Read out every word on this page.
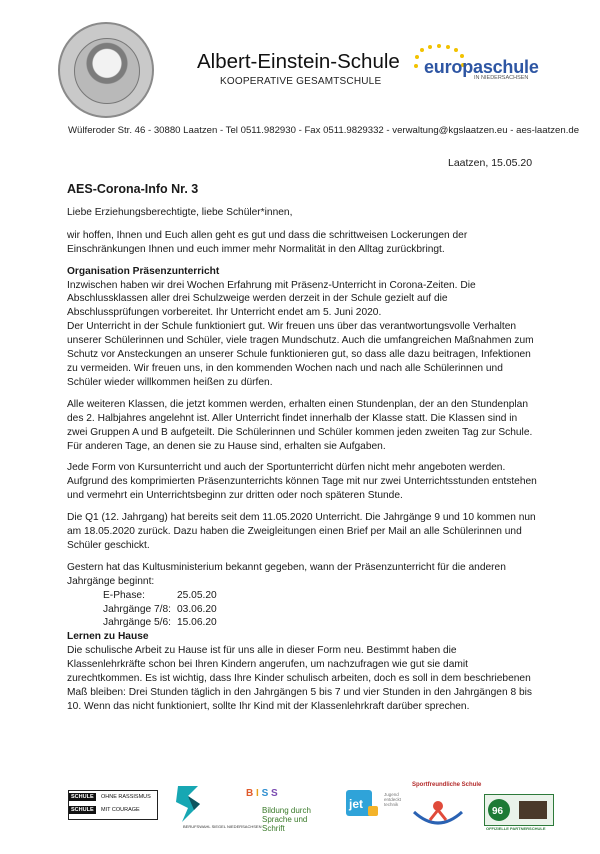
Albert-Einstein-Schule
KOOPERATIVE GESAMTSCHULE
europaschule
IN NIEDERSACHSEN
Wülferoder Str. 46 - 30880 Laatzen - Tel 0511.982930 - Fax 0511.9829332 - verwaltung@kgslaatzen.eu - aes-laatzen.de
Laatzen, 15.05.20

AES-Corona-Info Nr. 3

Liebe Erziehungsberechtigte, liebe Schüler*innen,

wir hoffen, Ihnen und Euch allen geht es gut und dass die schrittweisen Lockerungen der Einschränkungen Ihnen und euch immer mehr Normalität in den Alltag zurückbringt.

Organisation Präsenzunterricht

Inzwischen haben wir drei Wochen Erfahrung mit Präsenz-Unterricht in Corona-Zeiten. Die Abschlussklassen aller drei Schulzweige werden derzeit in der Schule gezielt auf die Abschlussprüfungen vorbereitet. Ihr Unterricht endet am 5. Juni 2020.

Der Unterricht in der Schule funktioniert gut. Wir freuen uns über das verantwortungsvolle Verhalten unserer Schülerinnen und Schüler, viele tragen Mundschutz. Auch die umfangreichen Maßnahmen zum Schutz vor Ansteckungen an unserer Schule funktionieren gut, so dass alle dazu beitragen, Infektionen zu vermeiden. Wir freuen uns, in den kommenden Wochen nach und nach alle Schülerinnen und Schüler wieder willkommen heißen zu dürfen.

Alle weiteren Klassen, die jetzt kommen werden, erhalten einen Stundenplan, der an den Stundenplan des 2. Halbjahres angelehnt ist. Aller Unterricht findet innerhalb der Klasse statt. Die Klassen sind in zwei Gruppen A und B aufgeteilt. Die Schülerinnen und Schüler kommen jeden zweiten Tag zur Schule. Für anderen Tage, an denen sie zu Hause sind, erhalten sie Aufgaben.

Jede Form von Kursunterricht und auch der Sportunterricht dürfen nicht mehr angeboten werden. Aufgrund des komprimierten Präsenzunterrichts können Tage mit nur zwei Unterrichtsstunden entstehen und vermehrt ein Unterrichtsbeginn zur dritten oder noch späteren Stunde.

Die Q1 (12. Jahrgang) hat bereits seit dem 11.05.2020 Unterricht. Die Jahrgänge 9 und 10 kommen nun am 18.05.2020 zurück. Dazu haben die Zweigleitungen einen Brief per Mail an alle Schülerinnen und Schüler geschickt.

Gestern hat das Kultusministerium bekannt gegeben, wann der Präsenzunterricht für die anderen Jahrgänge beginnt:

E-Phase:	25.05.20
Jahrgänge 7/8: 03.06.20
Jahrgänge 5/6: 15.06.20

Lernen zu Hause

Die schulische Arbeit zu Hause ist für uns alle in dieser Form neu. Bestimmt haben die Klassenlehrkräfte schon bei Ihren Kindern angerufen, um nachzufragen wie gut sie damit zurechtkommen. Es ist wichtig, dass Ihre Kinder schulisch arbeiten, doch es soll in dem beschriebenen Maß bleiben: Drei Stunden täglich in den Jahrgängen 5 bis 7 und vier Stunden in den Jahrgängen 8 bis 10. Wenn das nicht funktioniert, sollte Ihr Kind mit der Klassenlehrkraft darüber sprechen.

SCHULE	OHNE RASSISMUS
SCHULE	MIT COURAGE
BERUFSWAHL SIEGEL NIEDERSACHSEN
B I S S
Bildung durch Sprache und Schrift
jet
Jugend entdeckt technik
Sportfreundliche Schule
96
OFFIZIELLE PARTNERSCHULE
